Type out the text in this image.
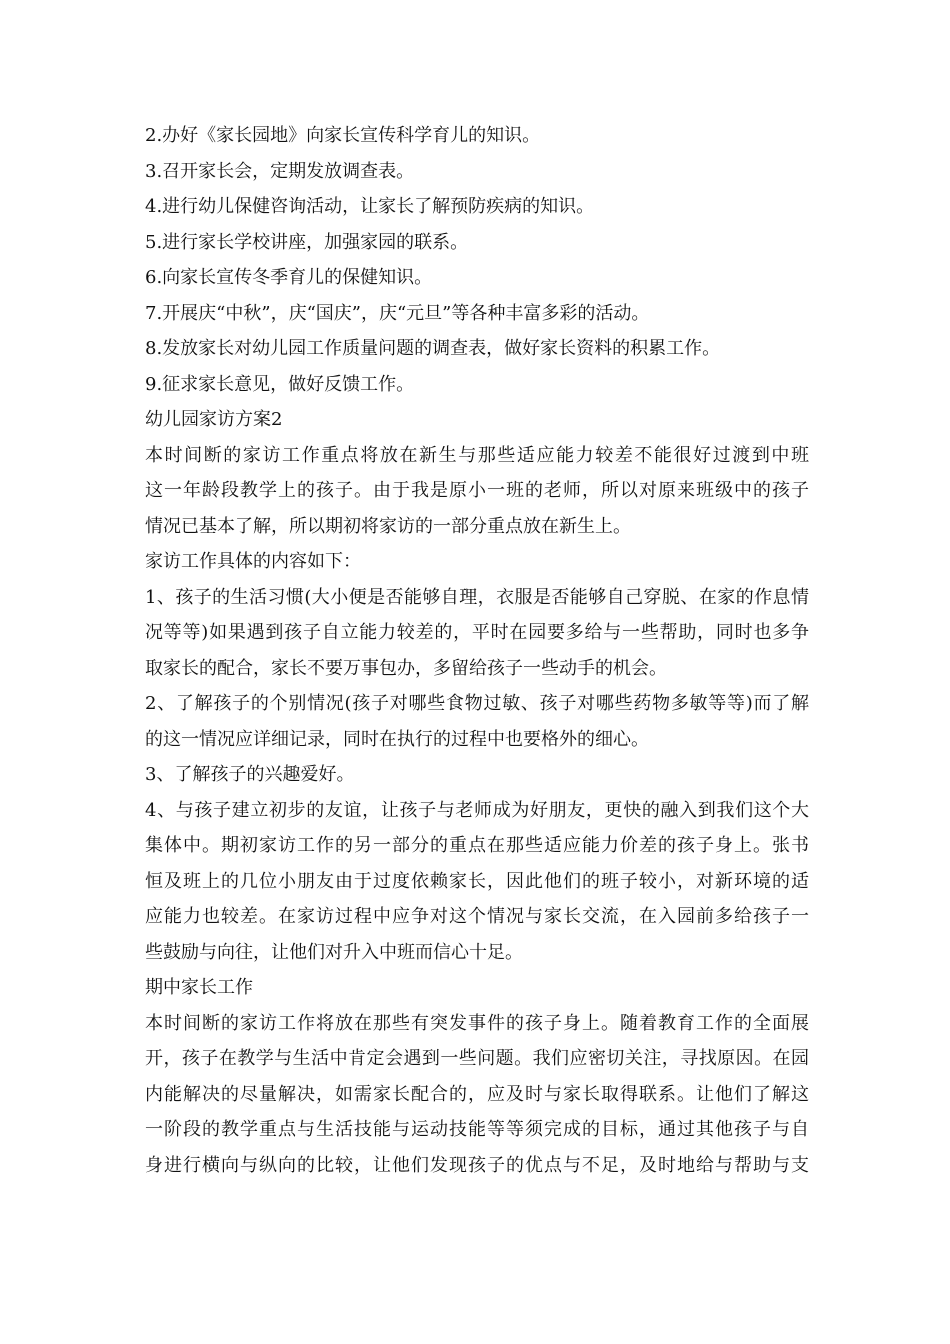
2.办好《家长园地》向家长宣传科学育儿的知识。
3.召开家长会，定期发放调查表。
4.进行幼儿保健咨询活动，让家长了解预防疾病的知识。
5.进行家长学校讲座，加强家园的联系。
6.向家长宣传冬季育儿的保健知识。
7.开展庆“中秋”，庆“国庆”，庆“元旦”等各种丰富多彩的活动。
8.发放家长对幼儿园工作质量问题的调查表，做好家长资料的积累工作。
9.征求家长意见，做好反馈工作。
幼儿园家访方案2
本时间断的家访工作重点将放在新生与那些适应能力较差不能很好过渡到中班
这一年龄段教学上的孩子。由于我是原小一班的老师，所以对原来班级中的孩子
情况已基本了解，所以期初将家访的一部分重点放在新生上。
家访工作具体的内容如下：
1、孩子的生活习惯(大小便是否能够自理，衣服是否能够自己穿脱、在家的作息情
况等等)如果遇到孩子自立能力较差的，平时在园要多给与一些帮助，同时也多争
取家长的配合，家长不要万事包办，多留给孩子一些动手的机会。
2、了解孩子的个别情况(孩子对哪些食物过敏、孩子对哪些药物多敏等等)而了解
的这一情况应详细记录，同时在执行的过程中也要格外的细心。
3、了解孩子的兴趣爱好。
4、与孩子建立初步的友谊，让孩子与老师成为好朋友，更快的融入到我们这个大
集体中。期初家访工作的另一部分的重点在那些适应能力价差的孩子身上。张书
恒及班上的几位小朋友由于过度依赖家长，因此他们的班子较小，对新环境的适
应能力也较差。在家访过程中应争对这个情况与家长交流，在入园前多给孩子一
些鼓励与向往，让他们对升入中班而信心十足。
期中家长工作
本时间断的家访工作将放在那些有突发事件的孩子身上。随着教育工作的全面展
开，孩子在教学与生活中肯定会遇到一些问题。我们应密切关注，寻找原因。在园
内能解决的尽量解决，如需家长配合的，应及时与家长取得联系。让他们了解这
一阶段的教学重点与生活技能与运动技能等等须完成的目标，通过其他孩子与自
身进行横向与纵向的比较，让他们发现孩子的优点与不足，及时地给与帮助与支
